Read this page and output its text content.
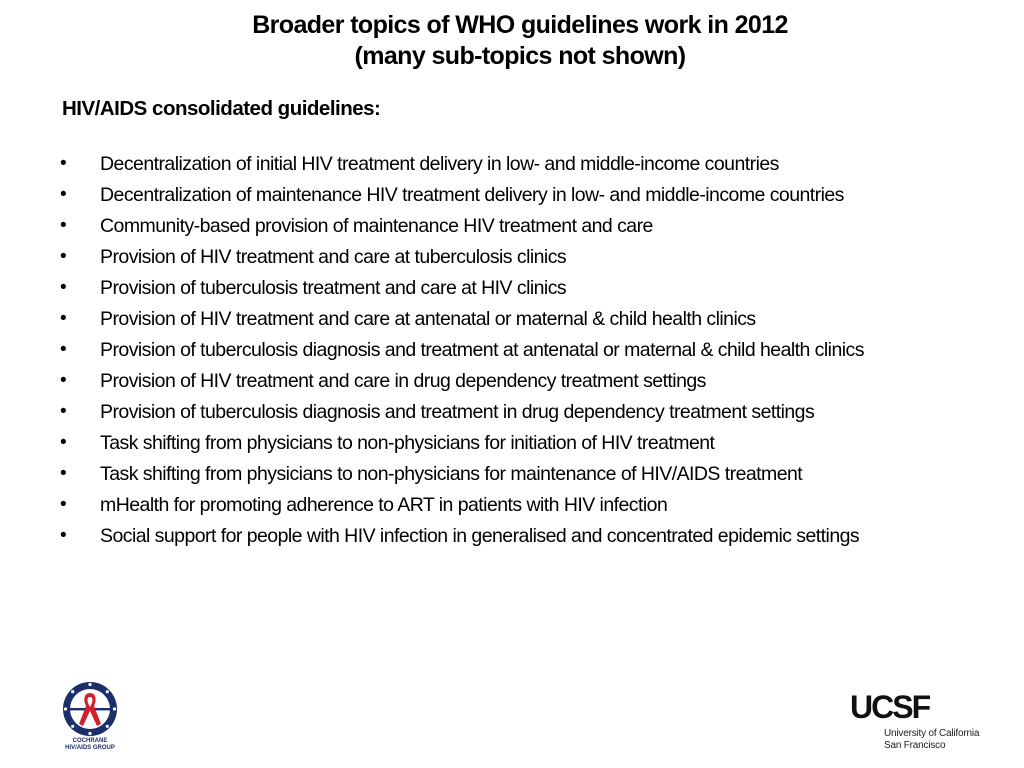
Broader topics of WHO guidelines work in 2012
(many sub-topics not shown)
HIV/AIDS consolidated guidelines:
• Decentralization of initial HIV treatment delivery in low- and middle-income countries
• Decentralization of maintenance HIV treatment delivery in low- and middle-income countries
• Community-based provision of maintenance HIV treatment and care
• Provision of HIV treatment and care at tuberculosis clinics
• Provision of tuberculosis treatment and care at HIV clinics
• Provision of HIV treatment and care at antenatal or maternal & child health clinics
• Provision of tuberculosis diagnosis and treatment at antenatal or maternal & child health clinics
• Provision of HIV treatment and care in drug dependency treatment settings
• Provision of tuberculosis diagnosis and treatment in drug dependency treatment settings
• Task shifting from physicians to non-physicians for initiation of HIV treatment
• Task shifting from physicians to non-physicians for maintenance of HIV/AIDS treatment
• mHealth for promoting adherence to ART in patients with HIV infection
• Social support for people with HIV infection in generalised and concentrated epidemic settings
COCHRANE
HIV/AIDS GROUP
UCSF
University of California
San Francisco
